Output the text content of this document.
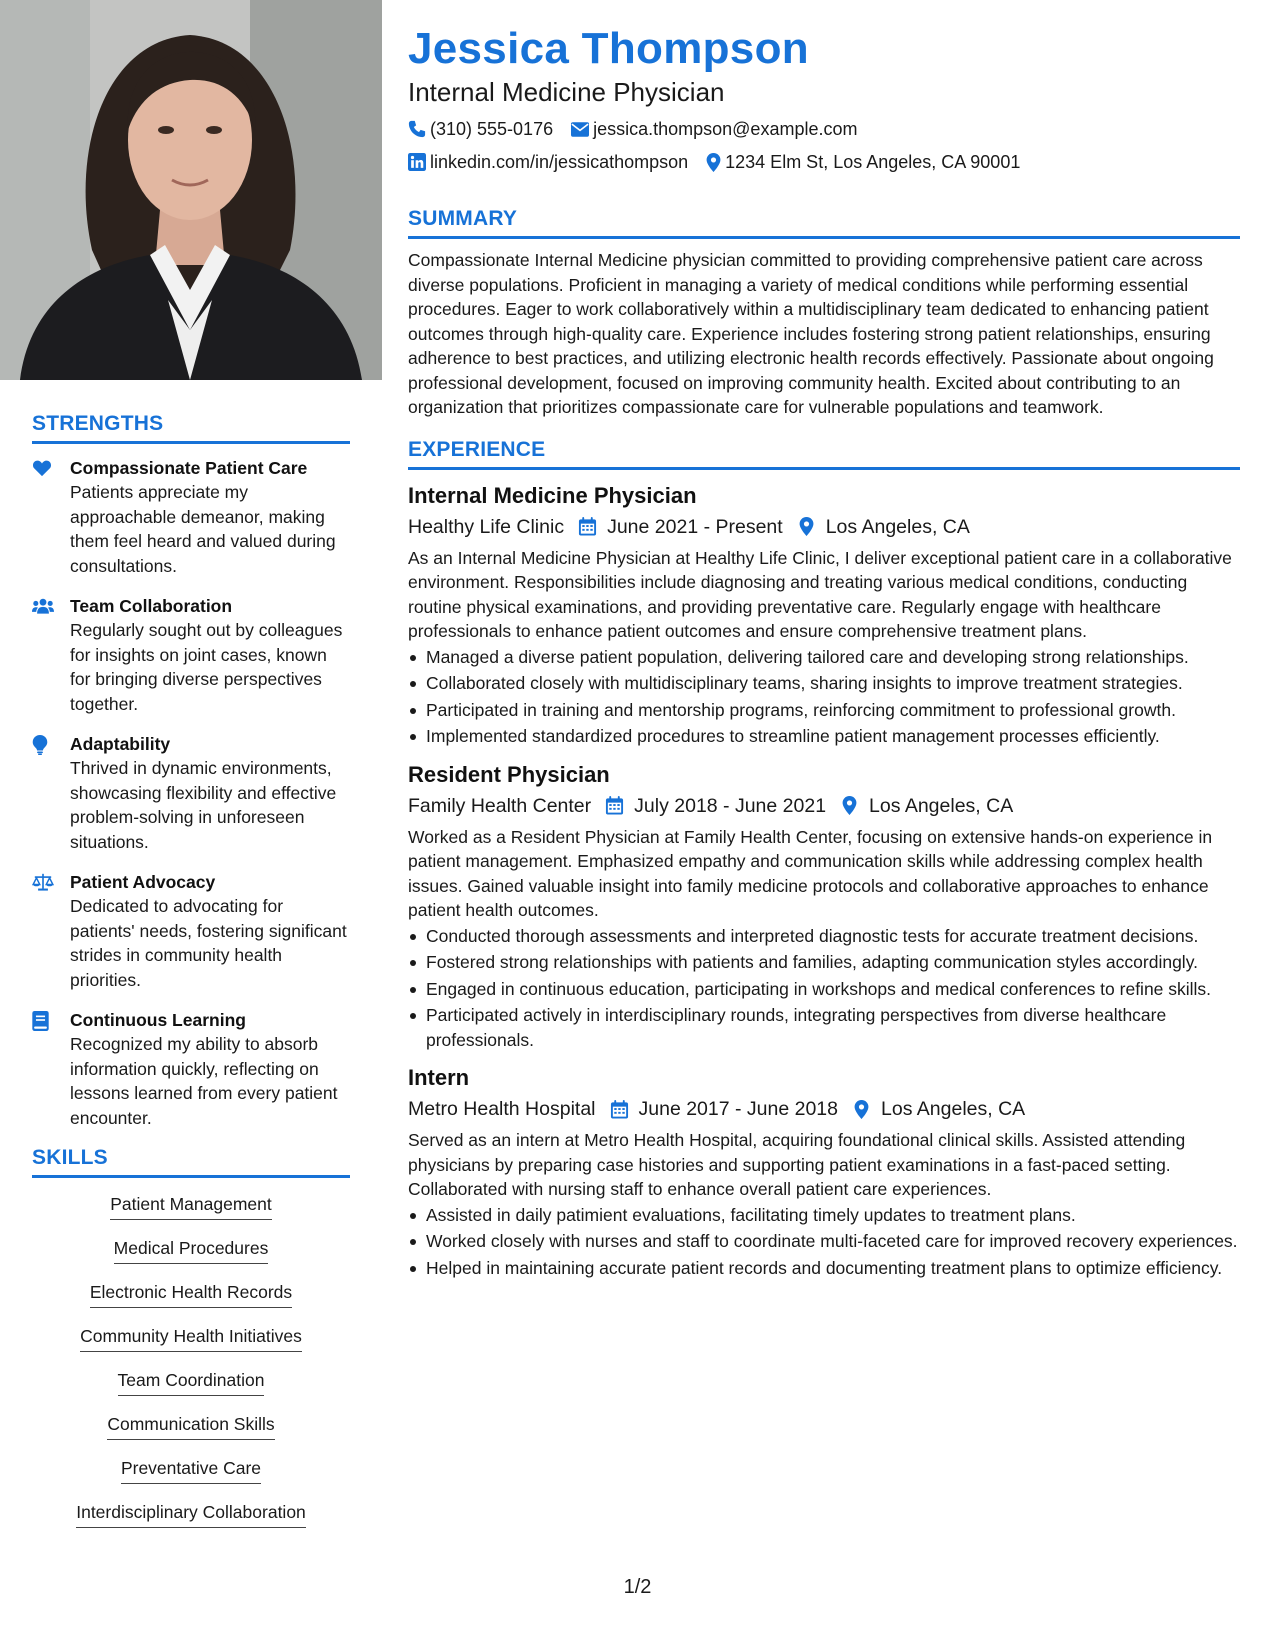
STRENGTHS
Compassionate Patient Care
Patients appreciate my approachable demeanor, making them feel heard and valued during consultations.
Team Collaboration
Regularly sought out by colleagues for insights on joint cases, known for bringing diverse perspectives together.
Adaptability
Thrived in dynamic environments, showcasing flexibility and effective problem-solving in unforeseen situations.
Patient Advocacy
Dedicated to advocating for patients' needs, fostering significant strides in community health priorities.
Continuous Learning
Recognized my ability to absorb information quickly, reflecting on lessons learned from every patient encounter.
SKILLS
Patient Management
Medical Procedures
Electronic Health Records
Community Health Initiatives
Team Coordination
Communication Skills
Preventative Care
Interdisciplinary Collaboration
Jessica Thompson
Internal Medicine Physician
(310) 555-0176 jessica.thompson@example.com
linkedin.com/in/jessicathompson 1234 Elm St, Los Angeles, CA 90001
SUMMARY
Compassionate Internal Medicine physician committed to providing comprehensive patient care across diverse populations. Proficient in managing a variety of medical conditions while performing essential procedures. Eager to work collaboratively within a multidisciplinary team dedicated to enhancing patient outcomes through high-quality care. Experience includes fostering strong patient relationships, ensuring adherence to best practices, and utilizing electronic health records effectively. Passionate about ongoing professional development, focused on improving community health. Excited about contributing to an organization that prioritizes compassionate care for vulnerable populations and teamwork.
EXPERIENCE
Internal Medicine Physician
Healthy Life Clinic June 2021 - Present Los Angeles, CA
As an Internal Medicine Physician at Healthy Life Clinic, I deliver exceptional patient care in a collaborative environment. Responsibilities include diagnosing and treating various medical conditions, conducting routine physical examinations, and providing preventative care. Regularly engage with healthcare professionals to enhance patient outcomes and ensure comprehensive treatment plans.
Managed a diverse patient population, delivering tailored care and developing strong relationships.
Collaborated closely with multidisciplinary teams, sharing insights to improve treatment strategies.
Participated in training and mentorship programs, reinforcing commitment to professional growth.
Implemented standardized procedures to streamline patient management processes efficiently.
Resident Physician
Family Health Center July 2018 - June 2021 Los Angeles, CA
Worked as a Resident Physician at Family Health Center, focusing on extensive hands-on experience in patient management. Emphasized empathy and communication skills while addressing complex health issues. Gained valuable insight into family medicine protocols and collaborative approaches to enhance patient health outcomes.
Conducted thorough assessments and interpreted diagnostic tests for accurate treatment decisions.
Fostered strong relationships with patients and families, adapting communication styles accordingly.
Engaged in continuous education, participating in workshops and medical conferences to refine skills.
Participated actively in interdisciplinary rounds, integrating perspectives from diverse healthcare professionals.
Intern
Metro Health Hospital June 2017 - June 2018 Los Angeles, CA
Served as an intern at Metro Health Hospital, acquiring foundational clinical skills. Assisted attending physicians by preparing case histories and supporting patient examinations in a fast-paced setting. Collaborated with nursing staff to enhance overall patient care experiences.
Assisted in daily patimient evaluations, facilitating timely updates to treatment plans.
Worked closely with nurses and staff to coordinate multi-faceted care for improved recovery experiences.
Helped in maintaining accurate patient records and documenting treatment plans to optimize efficiency.
1/2
